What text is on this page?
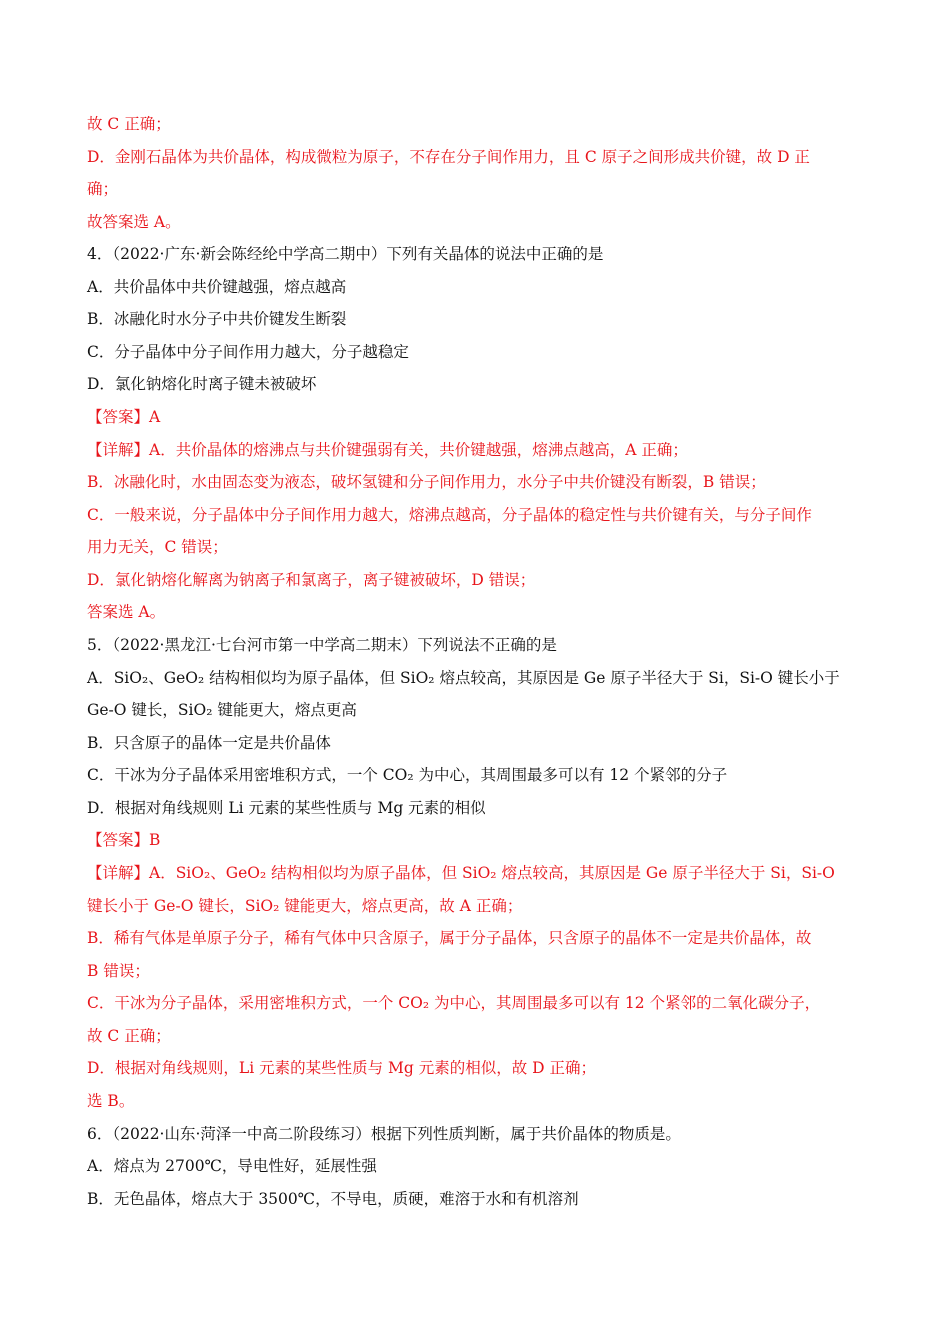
故 C 正确；
D．金刚石晶体为共价晶体，构成微粒为原子，不存在分子间作用力，且 C 原子之间形成共价键，故 D 正
确；
故答案选 A。
4．（2022·广东·新会陈经纶中学高二期中）下列有关晶体的说法中正确的是
A．共价晶体中共价键越强，熔点越高
B．冰融化时水分子中共价键发生断裂
C．分子晶体中分子间作用力越大，分子越稳定
D．氯化钠熔化时离子键未被破坏
【答案】A
【详解】A．共价晶体的熔沸点与共价键强弱有关，共价键越强，熔沸点越高，A 正确；
B．冰融化时，水由固态变为液态，破坏氢键和分子间作用力，水分子中共价键没有断裂，B 错误；
C．一般来说，分子晶体中分子间作用力越大，熔沸点越高，分子晶体的稳定性与共价键有关，与分子间作
用力无关，C 错误；
D．氯化钠熔化解离为钠离子和氯离子，离子键被破坏，D 错误；
答案选 A。
5．（2022·黑龙江·七台河市第一中学高二期末）下列说法不正确的是
A．SiO₂、GeO₂ 结构相似均为原子晶体，但 SiO₂ 熔点较高，其原因是 Ge 原子半径大于 Si，Si-O 键长小于
Ge-O 键长，SiO₂ 键能更大，熔点更高
B．只含原子的晶体一定是共价晶体
C．干冰为分子晶体采用密堆积方式，一个 CO₂ 为中心，其周围最多可以有 12 个紧邻的分子
D．根据对角线规则 Li 元素的某些性质与 Mg 元素的相似
【答案】B
【详解】A．SiO₂、GeO₂ 结构相似均为原子晶体，但 SiO₂ 熔点较高，其原因是 Ge 原子半径大于 Si，Si-O
键长小于 Ge-O 键长，SiO₂ 键能更大，熔点更高，故 A 正确；
B．稀有气体是单原子分子，稀有气体中只含原子，属于分子晶体，只含原子的晶体不一定是共价晶体，故
B 错误；
C．干冰为分子晶体，采用密堆积方式，一个 CO₂ 为中心，其周围最多可以有 12 个紧邻的二氧化碳分子，
故 C 正确；
D．根据对角线规则，Li 元素的某些性质与 Mg 元素的相似，故 D 正确；
选 B。
6．（2022·山东·菏泽一中高二阶段练习）根据下列性质判断，属于共价晶体的物质是。
A．熔点为 2700℃，导电性好，延展性强
B．无色晶体，熔点大于 3500℃，不导电，质硬，难溶于水和有机溶剂
